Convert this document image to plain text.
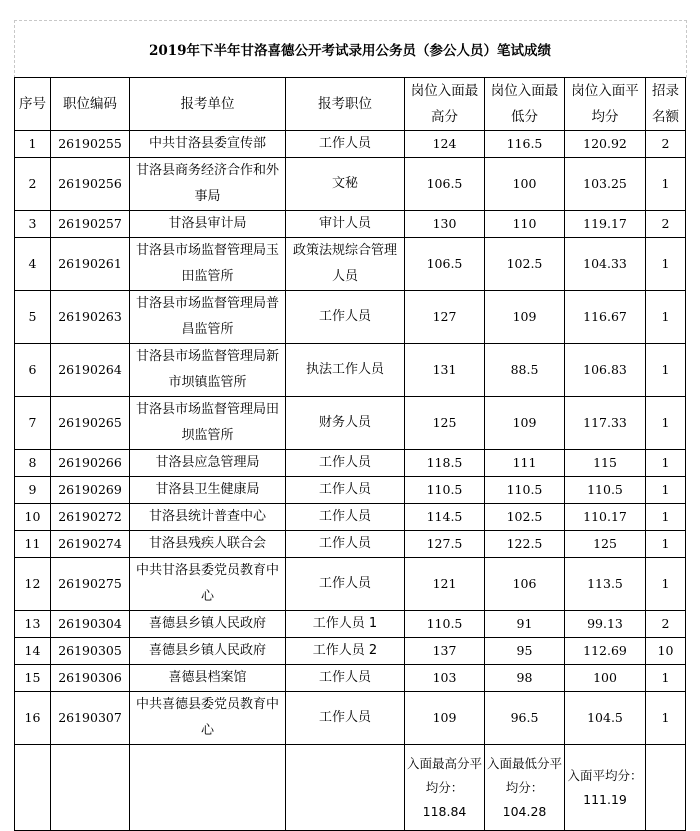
2019年下半年甘洛喜德公开考试录用公务员（参公人员）笔试成绩
序号	职位编码	报考单位	报考职位	岗位入面最高分	岗位入面最低分	岗位入面平均分	招录名额
1	26190255	中共甘洛县委宣传部	工作人员	124	116.5	120.92	2
2	26190256	甘洛县商务经济合作和外事局	文秘	106.5	100	103.25	1
3	26190257	甘洛县审计局	审计人员	130	110	119.17	2
4	26190261	甘洛县市场监督管理局玉田监管所	政策法规综合管理人员	106.5	102.5	104.33	1
5	26190263	甘洛县市场监督管理局普昌监管所	工作人员	127	109	116.67	1
6	26190264	甘洛县市场监督管理局新市坝镇监管所	执法工作人员	131	88.5	106.83	1
7	26190265	甘洛县市场监督管理局田坝监管所	财务人员	125	109	117.33	1
8	26190266	甘洛县应急管理局	工作人员	118.5	111	115	1
9	26190269	甘洛县卫生健康局	工作人员	110.5	110.5	110.5	1
10	26190272	甘洛县统计普查中心	工作人员	114.5	102.5	110.17	1
11	26190274	甘洛县残疾人联合会	工作人员	127.5	122.5	125	1
12	26190275	中共甘洛县委党员教育中心	工作人员	121	106	113.5	1
13	26190304	喜德县乡镇人民政府	工作人员 1	110.5	91	99.13	2
14	26190305	喜德县乡镇人民政府	工作人员 2	137	95	112.69	10
15	26190306	喜德县档案馆	工作人员	103	98	100	1
16	26190307	中共喜德县委党员教育中心	工作人员	109	96.5	104.5	1
				入面最高分平均分：118.84	入面最低分平均分：104.28	入面平均分：111.19	
